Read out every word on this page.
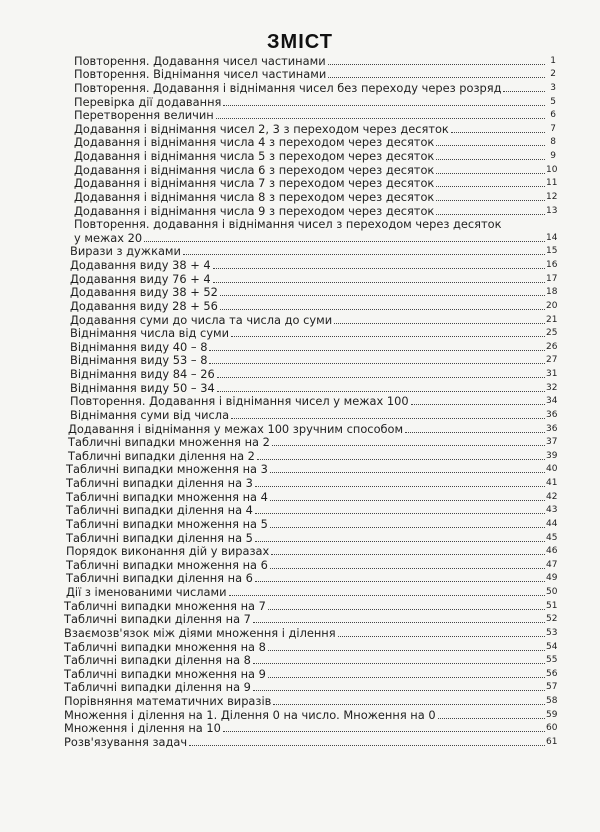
ЗМІСТ
Повторення. Додавання чисел частинами	1
Повторення. Віднімання чисел частинами	2
Повторення. Додавання і віднімання чисел без переходу через розряд	3
Перевірка дії додавання	5
Перетворення величин	6
Додавання і віднімання чисел 2, 3 з переходом через десяток	7
Додавання і віднімання числа 4 з переходом через десяток	8
Додавання і віднімання числа 5 з переходом через десяток	9
Додавання і віднімання числа 6 з переходом через десяток	10
Додавання і віднімання числа 7 з переходом через десяток	11
Додавання і віднімання числа 8 з переходом через десяток	12
Додавання і віднімання числа 9 з переходом через десяток	13
Повторення. додавання і віднімання чисел з переходом через десяток
у межах 20	14
Вирази з дужками	15
Додавання виду 38 + 4	16
Додавання виду 76 + 4	17
Додавання виду 38 + 52	18
Додавання виду 28 + 56	20
Додавання суми до числа та числа до суми	21
Віднімання числа від суми	25
Віднімання виду 40 – 8	26
Віднімання виду 53 – 8	27
Віднімання виду 84 – 26	31
Віднімання виду 50 – 34	32
Повторення. Додавання і віднімання чисел у межах 100	34
Віднімання суми від числа	36
Додавання і віднімання у межах 100 зручним способом	36
Табличні випадки множення на 2	37
Табличні випадки ділення на 2	39
Табличні випадки множення на 3	40
Табличні випадки ділення на 3	41
Табличні випадки множення на 4	42
Табличні випадки ділення на 4	43
Табличні випадки множення на 5	44
Табличні випадки ділення на 5	45
Порядок виконання дій у виразах	46
Табличні випадки множення на 6	47
Табличні випадки ділення на 6	49
Дії з іменованими числами	50
Табличні випадки множення на 7	51
Табличні випадки ділення на 7	52
Взаємозв'язок між діями множення і ділення	53
Табличні випадки множення на 8	54
Табличні випадки ділення на 8	55
Табличні випадки множення на 9	56
Табличні випадки ділення на 9	57
Порівняння математичних виразів	58
Множення і ділення на 1. Ділення 0 на число. Множення на 0	59
Множення і ділення на 10	60
Розв'язування задач	61
